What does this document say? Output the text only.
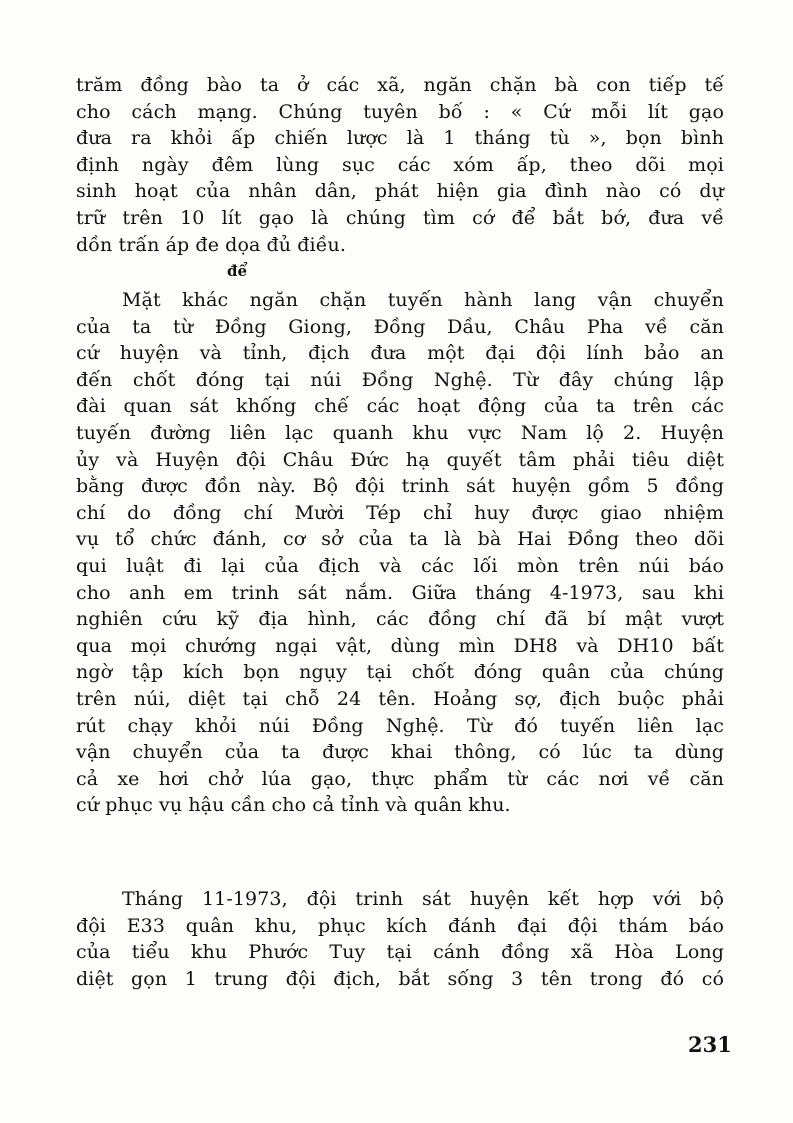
trăm đồng bào ta ở các xã, ngăn chặn bà con tiếp tế
cho cách mạng. Chúng tuyên bố : « Cứ mỗi lít gạo
đưa ra khỏi ấp chiến lược là 1 tháng tù », bọn bình
định ngày đêm lùng sục các xóm ấp, theo dõi mọi
sinh hoạt của nhân dân, phát hiện gia đình nào có dự
trữ trên 10 lít gạo là chúng tìm cớ để bắt bớ, đưa về
dồn trấn áp đe dọa đủ điều.
để
Mặt khác ngăn chặn tuyến hành lang vận chuyển
của ta từ Đồng Giong, Đồng Dầu, Châu Pha về căn
cứ huyện và tỉnh, địch đưa một đại đội lính bảo an
đến chốt đóng tại núi Đồng Nghệ. Từ đây chúng lập
đài quan sát khống chế các hoạt động của ta trên các
tuyến đường liên lạc quanh khu vực Nam lộ 2. Huyện
ủy và Huyện đội Châu Đức hạ quyết tâm phải tiêu diệt
bằng được đồn này. Bộ đội trinh sát huyện gồm 5 đồng
chí do đồng chí Mười Tép chỉ huy được giao nhiệm
vụ tổ chức đánh, cơ sở của ta là bà Hai Đồng theo dõi
qui luật đi lại của địch và các lối mòn trên núi báo
cho anh em trinh sát nắm. Giữa tháng 4-1973, sau khi
nghiên cứu kỹ địa hình, các đồng chí đã bí mật vượt
qua mọi chướng ngại vật, dùng mìn DH8 và DH10 bất
ngờ tập kích bọn ngụy tại chốt đóng quân của chúng
trên núi, diệt tại chỗ 24 tên. Hoảng sợ, địch buộc phải
rút chạy khỏi núi Đồng Nghệ. Từ đó tuyến liên lạc
vận chuyển của ta được khai thông, có lúc ta dùng
cả xe hơi chở lúa gạo, thực phẩm từ các nơi về căn
cứ phục vụ hậu cần cho cả tỉnh và quân khu.
Tháng 11-1973, đội trinh sát huyện kết hợp với bộ
đội E33 quân khu, phục kích đánh đại đội thám báo
của tiểu khu Phước Tuy tại cánh đồng xã Hòa Long
diệt gọn 1 trung đội địch, bắt sống 3 tên trong đó có
231
